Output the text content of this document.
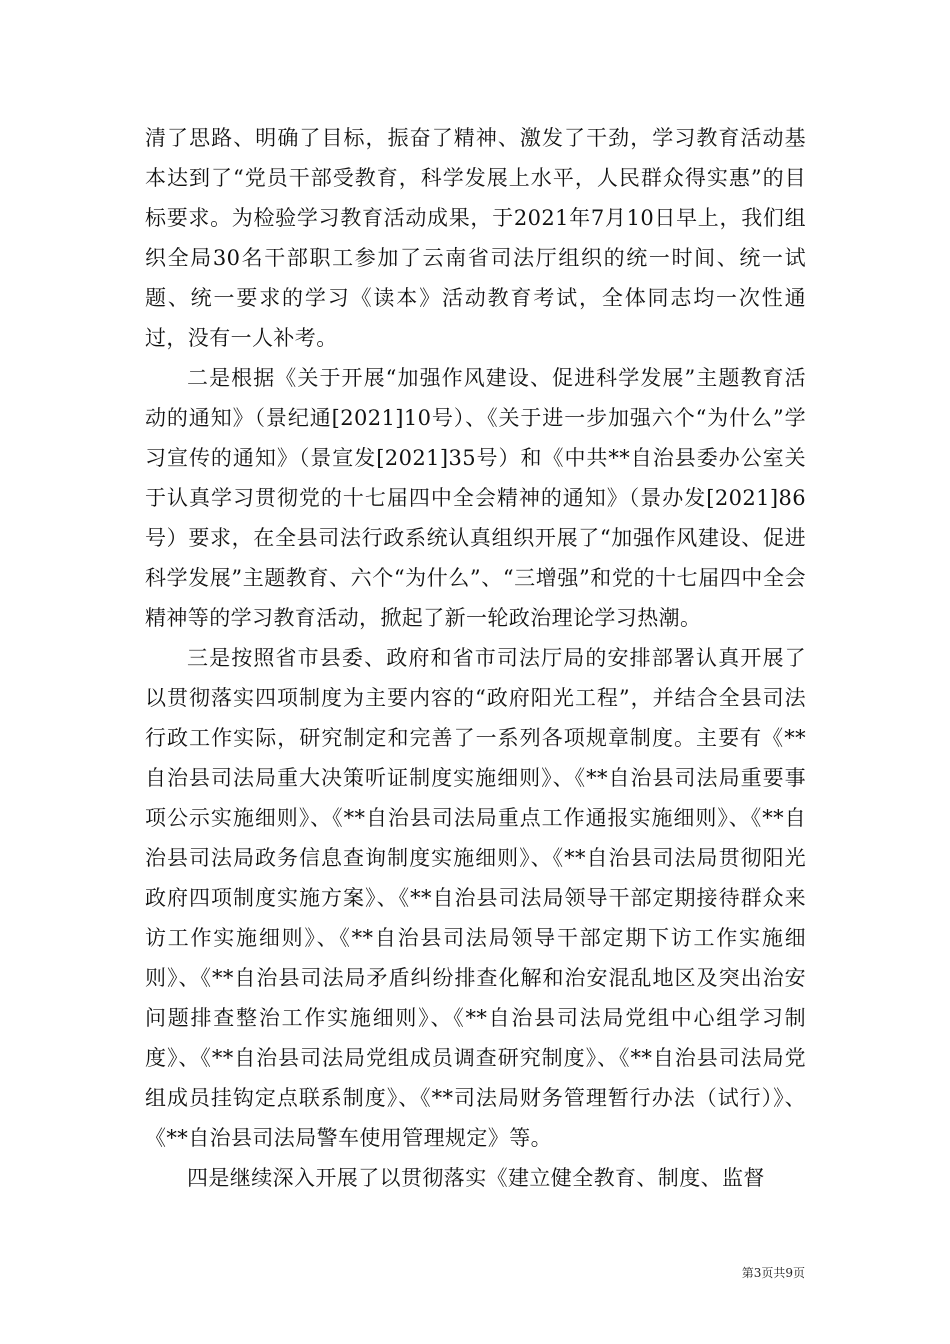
清了思路、明确了目标，振奋了精神、激发了干劲，学习教育活动基本达到了“党员干部受教育，科学发展上水平，人民群众得实惠”的目标要求。为检验学习教育活动成果，于2021年7月10日早上，我们组织全局30名干部职工参加了云南省司法厅组织的统一时间、统一试题、统一要求的学习《读本》活动教育考试，全体同志均一次性通过，没有一人补考。

二是根据《关于开展“加强作风建设、促进科学发展”主题教育活动的通知》（景纪通[2021]10号）、《关于进一步加强六个“为什么”学习宣传的通知》（景宣发[2021]35号）和《中共**自治县委办公室关于认真学习贯彻党的十七届四中全会精神的通知》（景办发[2021]86号）要求，在全县司法行政系统认真组织开展了“加强作风建设、促进科学发展”主题教育、六个“为什么”、“三增强”和党的十七届四中全会精神等的学习教育活动，掀起了新一轮政治理论学习热潮。

三是按照省市县委、政府和省市司法厅局的安排部署认真开展了以贯彻落实四项制度为主要内容的“政府阳光工程”，并结合全县司法行政工作实际，研究制定和完善了一系列各项规章制度。主要有《**自治县司法局重大决策听证制度实施细则》、《**自治县司法局重要事项公示实施细则》、《**自治县司法局重点工作通报实施细则》、《**自治县司法局政务信息查询制度实施细则》、《**自治县司法局贯彻阳光政府四项制度实施方案》、《**自治县司法局领导干部定期接待群众来访工作实施细则》、《**自治县司法局领导干部定期下访工作实施细则》、《**自治县司法局矛盾纠纷排查化解和治安混乱地区及突出治安问题排查整治工作实施细则》、《**自治县司法局党组中心组学习制度》、《**自治县司法局党组成员调查研究制度》、《**自治县司法局党组成员挂钩定点联系制度》、《**司法局财务管理暂行办法（试行）》、《**自治县司法局警车使用管理规定》等。

四是继续深入开展了以贯彻落实《建立健全教育、制度、监督

第3页共9页
